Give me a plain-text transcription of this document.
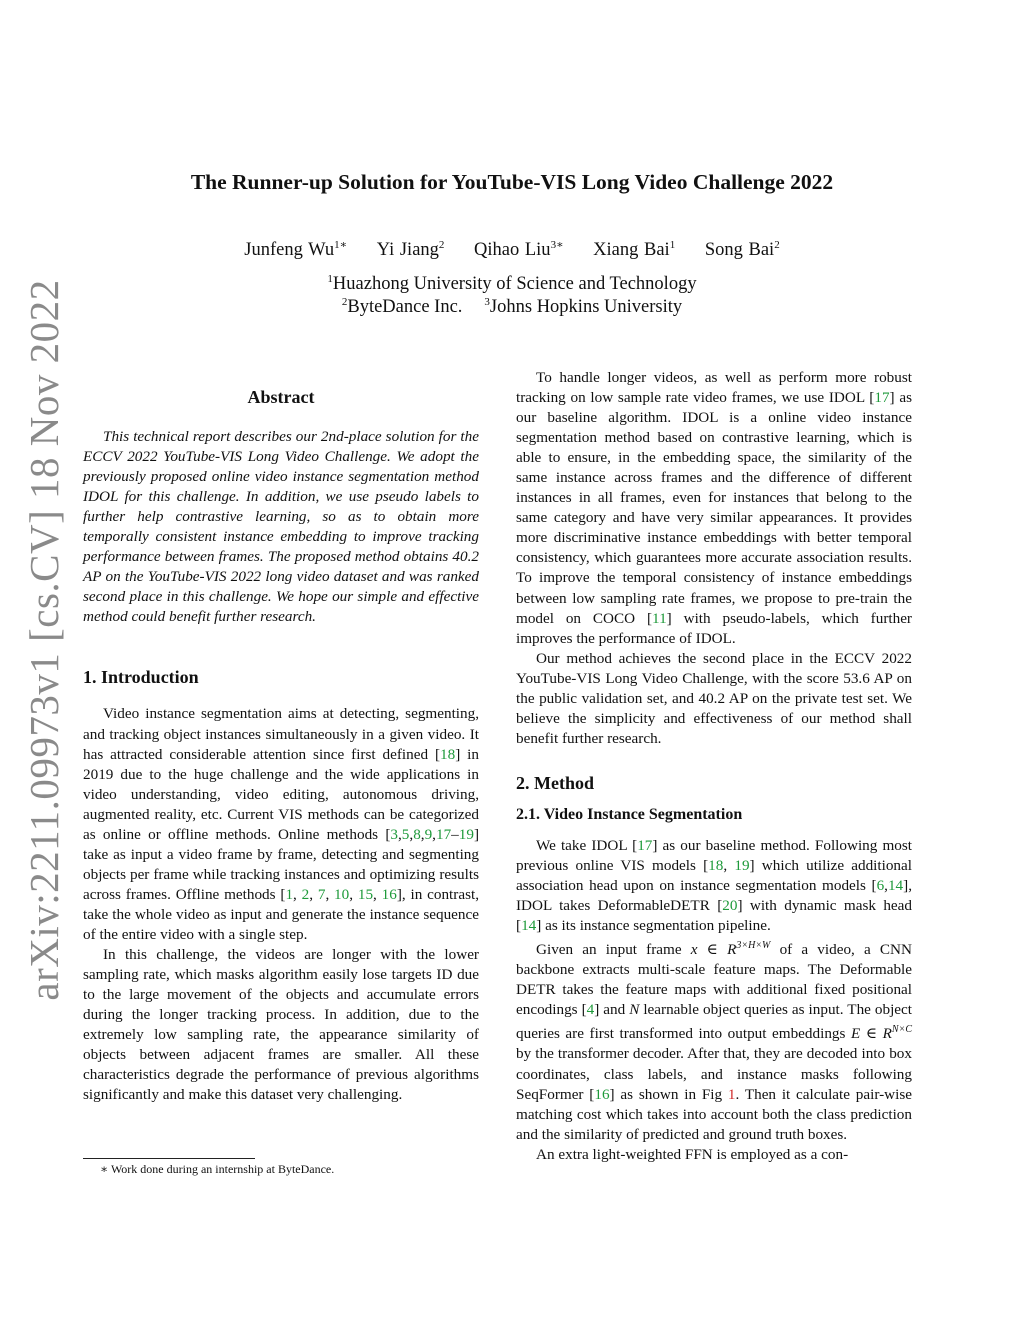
arXiv:2211.09973v1 [cs.CV] 18 Nov 2022
The Runner-up Solution for YouTube-VIS Long Video Challenge 2022
Junfeng $Wu^{1∗}$ Yi Jiang$^2$ Qihao Liu$^{3∗}$ Xiang Bai$^1$ Song Bai$^2$
$^1$Huazhong University of Science and Technology
$^2$ByteDance Inc. $^3$Johns Hopkins University
Abstract

This technical report describes our 2nd-place solution for the ECCV 2022 YouTube-VIS Long Video Challenge. We adopt the previously proposed online video instance segmentation method IDOL for this challenge. In addition, we use pseudo labels to further help contrastive learning, so as to obtain more temporally consistent instance embedding to improve tracking performance between frames. The proposed method obtains 40.2 AP on the YouTube-VIS 2022 long video dataset and was ranked second place in this challenge. We hope our simple and effective method could benefit further research.

1. Introduction

Video instance segmentation aims at detecting, segmenting, and tracking object instances simultaneously in a given video. It has attracted considerable attention since first defined [18] in 2019 due to the huge challenge and the wide applications in video understanding, video editing, autonomous driving, augmented reality, etc. Current VIS methods can be categorized as online or offline methods. Online methods [3,5,8,9,17–19] take as input a video frame by frame, detecting and segmenting objects per frame while tracking instances and optimizing results across frames. Offline methods [1, 2, 7, 10, 15, 16], in contrast, take the whole video as input and generate the instance sequence of the entire video with a single step.

In this challenge, the videos are longer with the lower sampling rate, which masks algorithm easily lose targets ID due to the large movement of the objects and accumulate errors during the longer tracking process. In addition, due to the extremely low sampling rate, the appearance similarity of objects between adjacent frames are smaller. All these characteristics degrade the performance of previous algorithms significantly and make this dataset very challenging.

∗ Work done during an internship at ByteDance.

To handle longer videos, as well as perform more robust tracking on low sample rate video frames, we use IDOL [17] as our baseline algorithm. IDOL is a online video instance segmentation method based on contrastive learning, which is able to ensure, in the embedding space, the similarity of the same instance across frames and the difference of different instances in all frames, even for instances that belong to the same category and have very similar appearances. It provides more discriminative instance embeddings with better temporal consistency, which guarantees more accurate association results. To improve the temporal consistency of instance embeddings between low sampling rate frames, we propose to pre-train the model on COCO [11] with pseudo-labels, which further improves the performance of IDOL.

Our method achieves the second place in the ECCV 2022 YouTube-VIS Long Video Challenge, with the score 53.6 AP on the public validation set, and 40.2 AP on the private test set. We believe the simplicity and effectiveness of our method shall benefit further research.

2. Method
2.1. Video Instance Segmentation

We take IDOL [17] as our baseline method. Following most previous online VIS models [18, 19] which utilize additional association head upon on instance segmentation models [6,14], IDOL takes DeformableDETR [20] with dynamic mask head [14] as its instance segmentation pipeline.

Given an input frame x ∈ $R^{3\times H\times W}$ of a video, a CNN backbone extracts multi-scale feature maps. The Deformable DETR takes the feature maps with additional fixed positional encodings [4] and N learnable object queries as input. The object queries are first transformed into output embeddings E ∈ $R^{N\times C}$ by the transformer decoder. After that, they are decoded into box coordinates, class labels, and instance masks following SeqFormer [16] as shown in Fig 1. Then it calculate pair-wise matching cost which takes into account both the class prediction and the similarity of predicted and ground truth boxes.

An extra light-weighted FFN is employed as a con-
